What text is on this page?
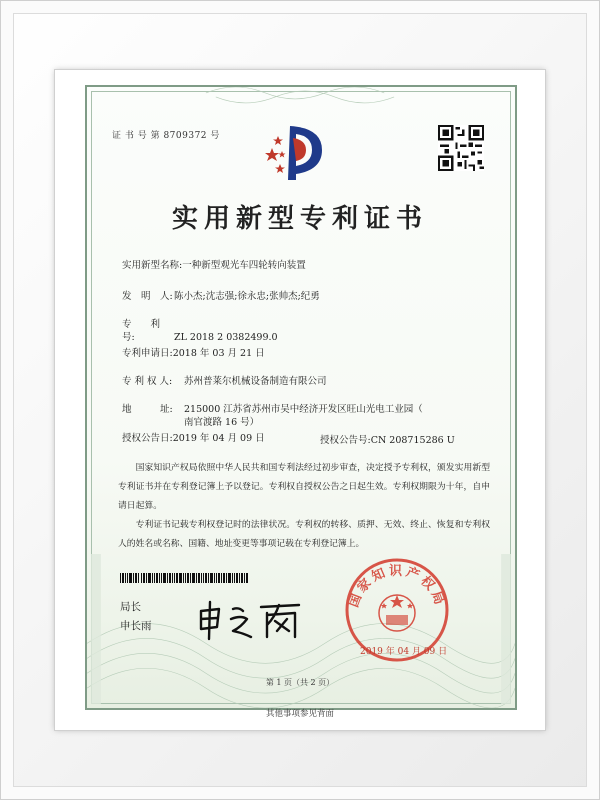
证 书 号 第 8709372 号
实用新型专利证书
实用新型名称:一种新型观光车四轮转向装置
发　明　人:陈小杰;沈志强;徐永忠;张帅杰;纪勇
专　　利　号:	ZL 2018 2 0382499.0
专利申请日:2018 年 03 月 21 日
专 利 权 人: 苏州普莱尔机械设备制造有限公司
地　　　址: 215000 江苏省苏州市吴中经济开发区旺山光电工业园（
南官渡路 16 号）
授权公告日:2019 年 04 月 09 日	授权公告号:CN 208715286 U
国家知识产权局依照中华人民共和国专利法经过初步审查，决定授予专利权，颁发实用新型专利证书并在专利登记簿上予以登记。专利权自授权公告之日起生效。专利权期限为十年，自申请日起算。
专利证书记载专利权登记时的法律状况。专利权的转移、质押、无效、终止、恢复和专利权人的姓名或名称、国籍、地址变更等事项记载在专利登记簿上。
局长
申长雨
国家知识产权局
2019 年 04 月 09 日
第 1 页（共 2 页）
其他事项参见背面
